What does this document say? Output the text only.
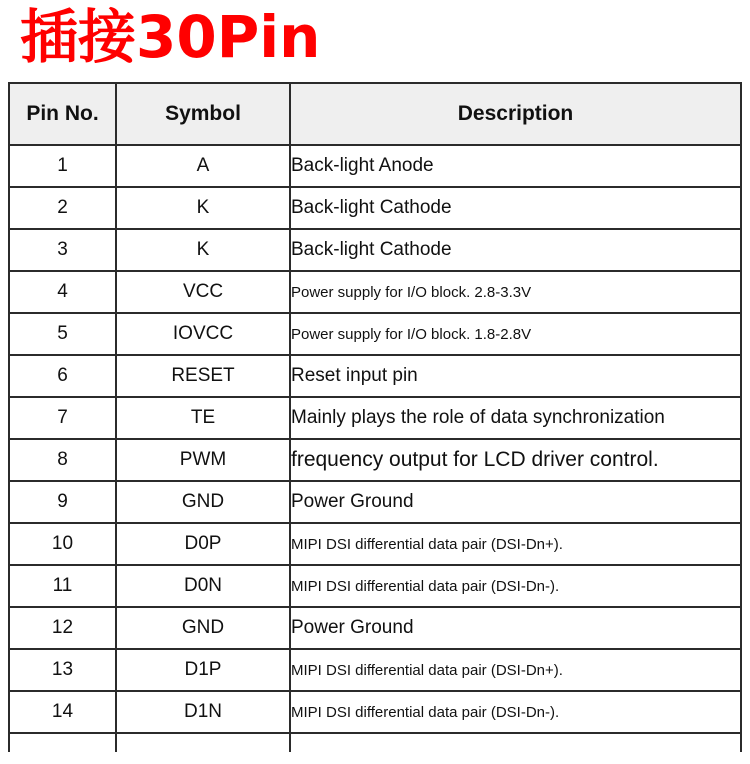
插接30Pin
Pin No.	Symbol	Description
1	A	Back-light Anode
2	K	Back-light Cathode
3	K	Back-light Cathode
4	VCC	Power supply for I/O block. 2.8-3.3V
5	IOVCC	Power supply for I/O block. 1.8-2.8V
6	RESET	Reset input pin
7	TE	Mainly plays the role of data synchronization
8	PWM	frequency output for LCD driver control.
9	GND	Power Ground
10	D0P	MIPI DSI differential data pair (DSI-Dn+).
11	D0N	MIPI DSI differential data pair (DSI-Dn-).
12	GND	Power Ground
13	D1P	MIPI DSI differential data pair (DSI-Dn+).
14	D1N	MIPI DSI differential data pair (DSI-Dn-).
